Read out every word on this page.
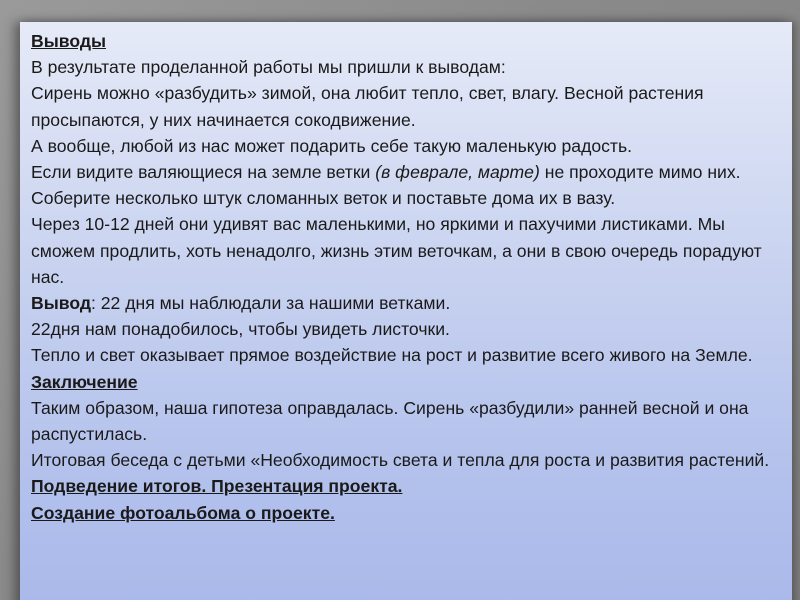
Выводы

В результате проделанной работы мы пришли к выводам:

Сирень можно «разбудить» зимой, она любит тепло, свет, влагу. Весной растения просыпаются, у них начинается сокодвижение.

А вообще, любой из нас может подарить себе такую маленькую радость.

Если видите валяющиеся на земле ветки (в феврале, марте) не проходите мимо них. Соберите несколько штук сломанных веток и поставьте дома их в вазу.

Через 10-12 дней они удивят вас маленькими, но яркими и пахучими листиками. Мы сможем продлить, хоть ненадолго, жизнь этим веточкам, а они в свою очередь порадуют нас.

Вывод: 22 дня мы наблюдали за нашими ветками.

22дня нам понадобилось, чтобы увидеть листочки.

Тепло и свет оказывает прямое воздействие на рост и развитие всего живого на Земле.

Заключение

Таким образом, наша гипотеза оправдалась. Сирень «разбудили» ранней весной и она распустилась.

Итоговая беседа с детьми «Необходимость света и тепла для роста и развития растений.

Подведение итогов. Презентация проекта.

Создание фотоальбома о проекте.
